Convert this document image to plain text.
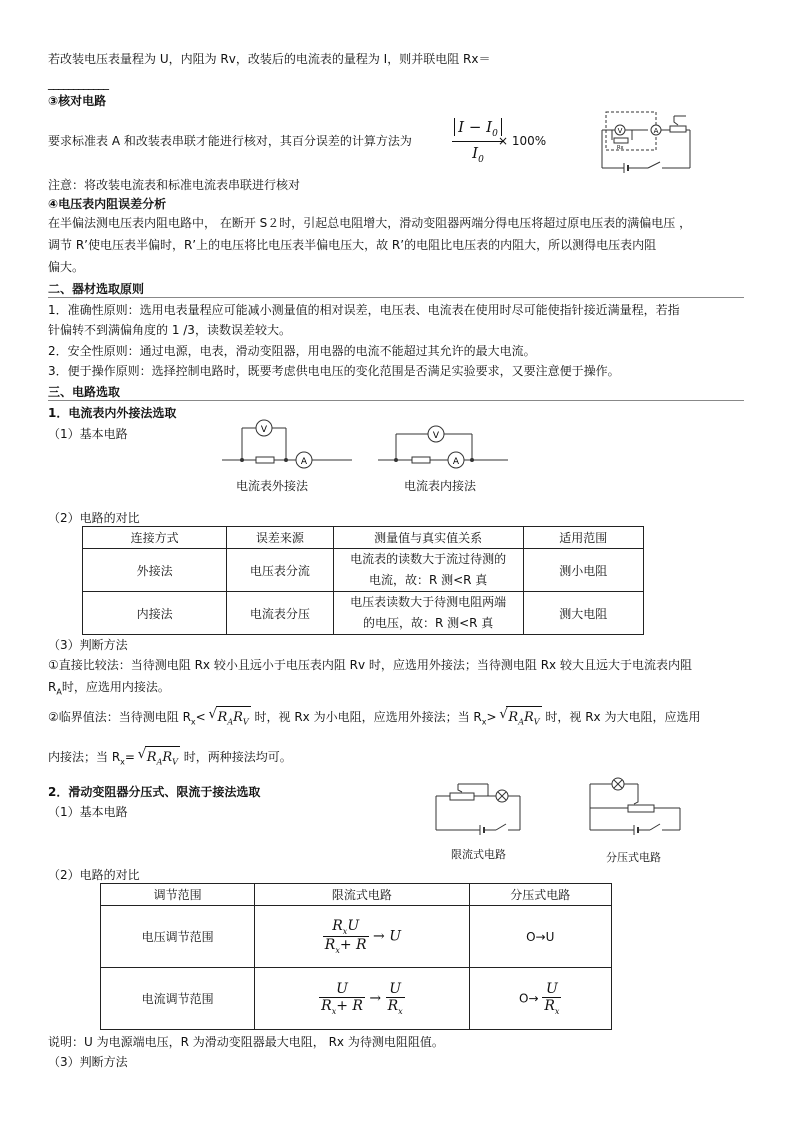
若改装电压表量程为 U，内阻为 Rv，改装后的电流表的量程为 I，则并联电阻 Rx＝
____________
③核对电路
要求标准表 A 和改装表串联才能进行核对，其百分误差的计算方法为
$I - I_0$
$I_0$
× 100%
V
Rx
A
注意：将改装电流表和标准电流表串联进行核对
④电压表内阻误差分析
在半偏法测电压表内阻电路中， 在断开 S２时，引起总电阻增大，滑动变阻器两端分得电压将超过原电压表的满偏电压 ，
调节 R’使电压表半偏时，R’上的电压将比电压表半偏电压大，故 R’的电阻比电压表的内阻大，所以测得电压表内阻
偏大。
二、器材选取原则
1．准确性原则：选用电表量程应可能减小测量值的相对误差，电压表、电流表在使用时尽可能使指针接近满量程，若指
针偏转不到满偏角度的 1 /3，读数误差较大。
2．安全性原则：通过电源，电表，滑动变阻器，用电器的电流不能超过其允许的最大电流。
3．便于操作原则：选择控制电路时，既要考虑供电电压的变化范围是否满足实验要求，又要注意便于操作。
三、电路选取
1．电流表内外接法选取
（1）基本电路	V
A
电流表外接法
V
A
电流表内接法
（2）电路的对比
连接方式	误差来源	测量值与真实值关系	适用范围
外接法	电压表分流	电流表的读数大于流过待测的
电流，故：R 测<R 真	测小电阻
内接法	电流表分压	电压表读数大于待测电阻两端
的电压，故：R 测<R 真	测大电阻
（3）判断方法
①直接比较法：当待测电阻 Rx 较小且远小于电压表内阻 Rv 时，应选用外接法；当待测电阻 Rx 较大且远大于电流表内阻
$R_A$时，应选用内接法。
②临界值法：当待测电阻 $R_x<$ √ $R_AR_V$ 时，视 Rx 为小电阻，应选用外接法；当 $R_x>$ √ $R_AR_V$ 时，视 Rx 为大电阻，应选用
内接法；当 $R_x=$ √ $R_AR_V$ 时，两种接法均可。
2．滑动变阻器分压式、限流于接法选取
（1）基本电路
限流式电路	分压式电路
（2）电路的对比
调节范围	限流式电路	分压式电路
电压调节范围	$\frac{R_xU}{R_x+ R} \to U$	O→U
电流调节范围	$\frac{U}{R_x+ R} \to \frac{U}{R_x}$	$O\to \frac{U}{R_x}$
说明：U 为电源端电压，R 为滑动变阻器最大电阻， Rx 为待测电阻阻值。
（3）判断方法
